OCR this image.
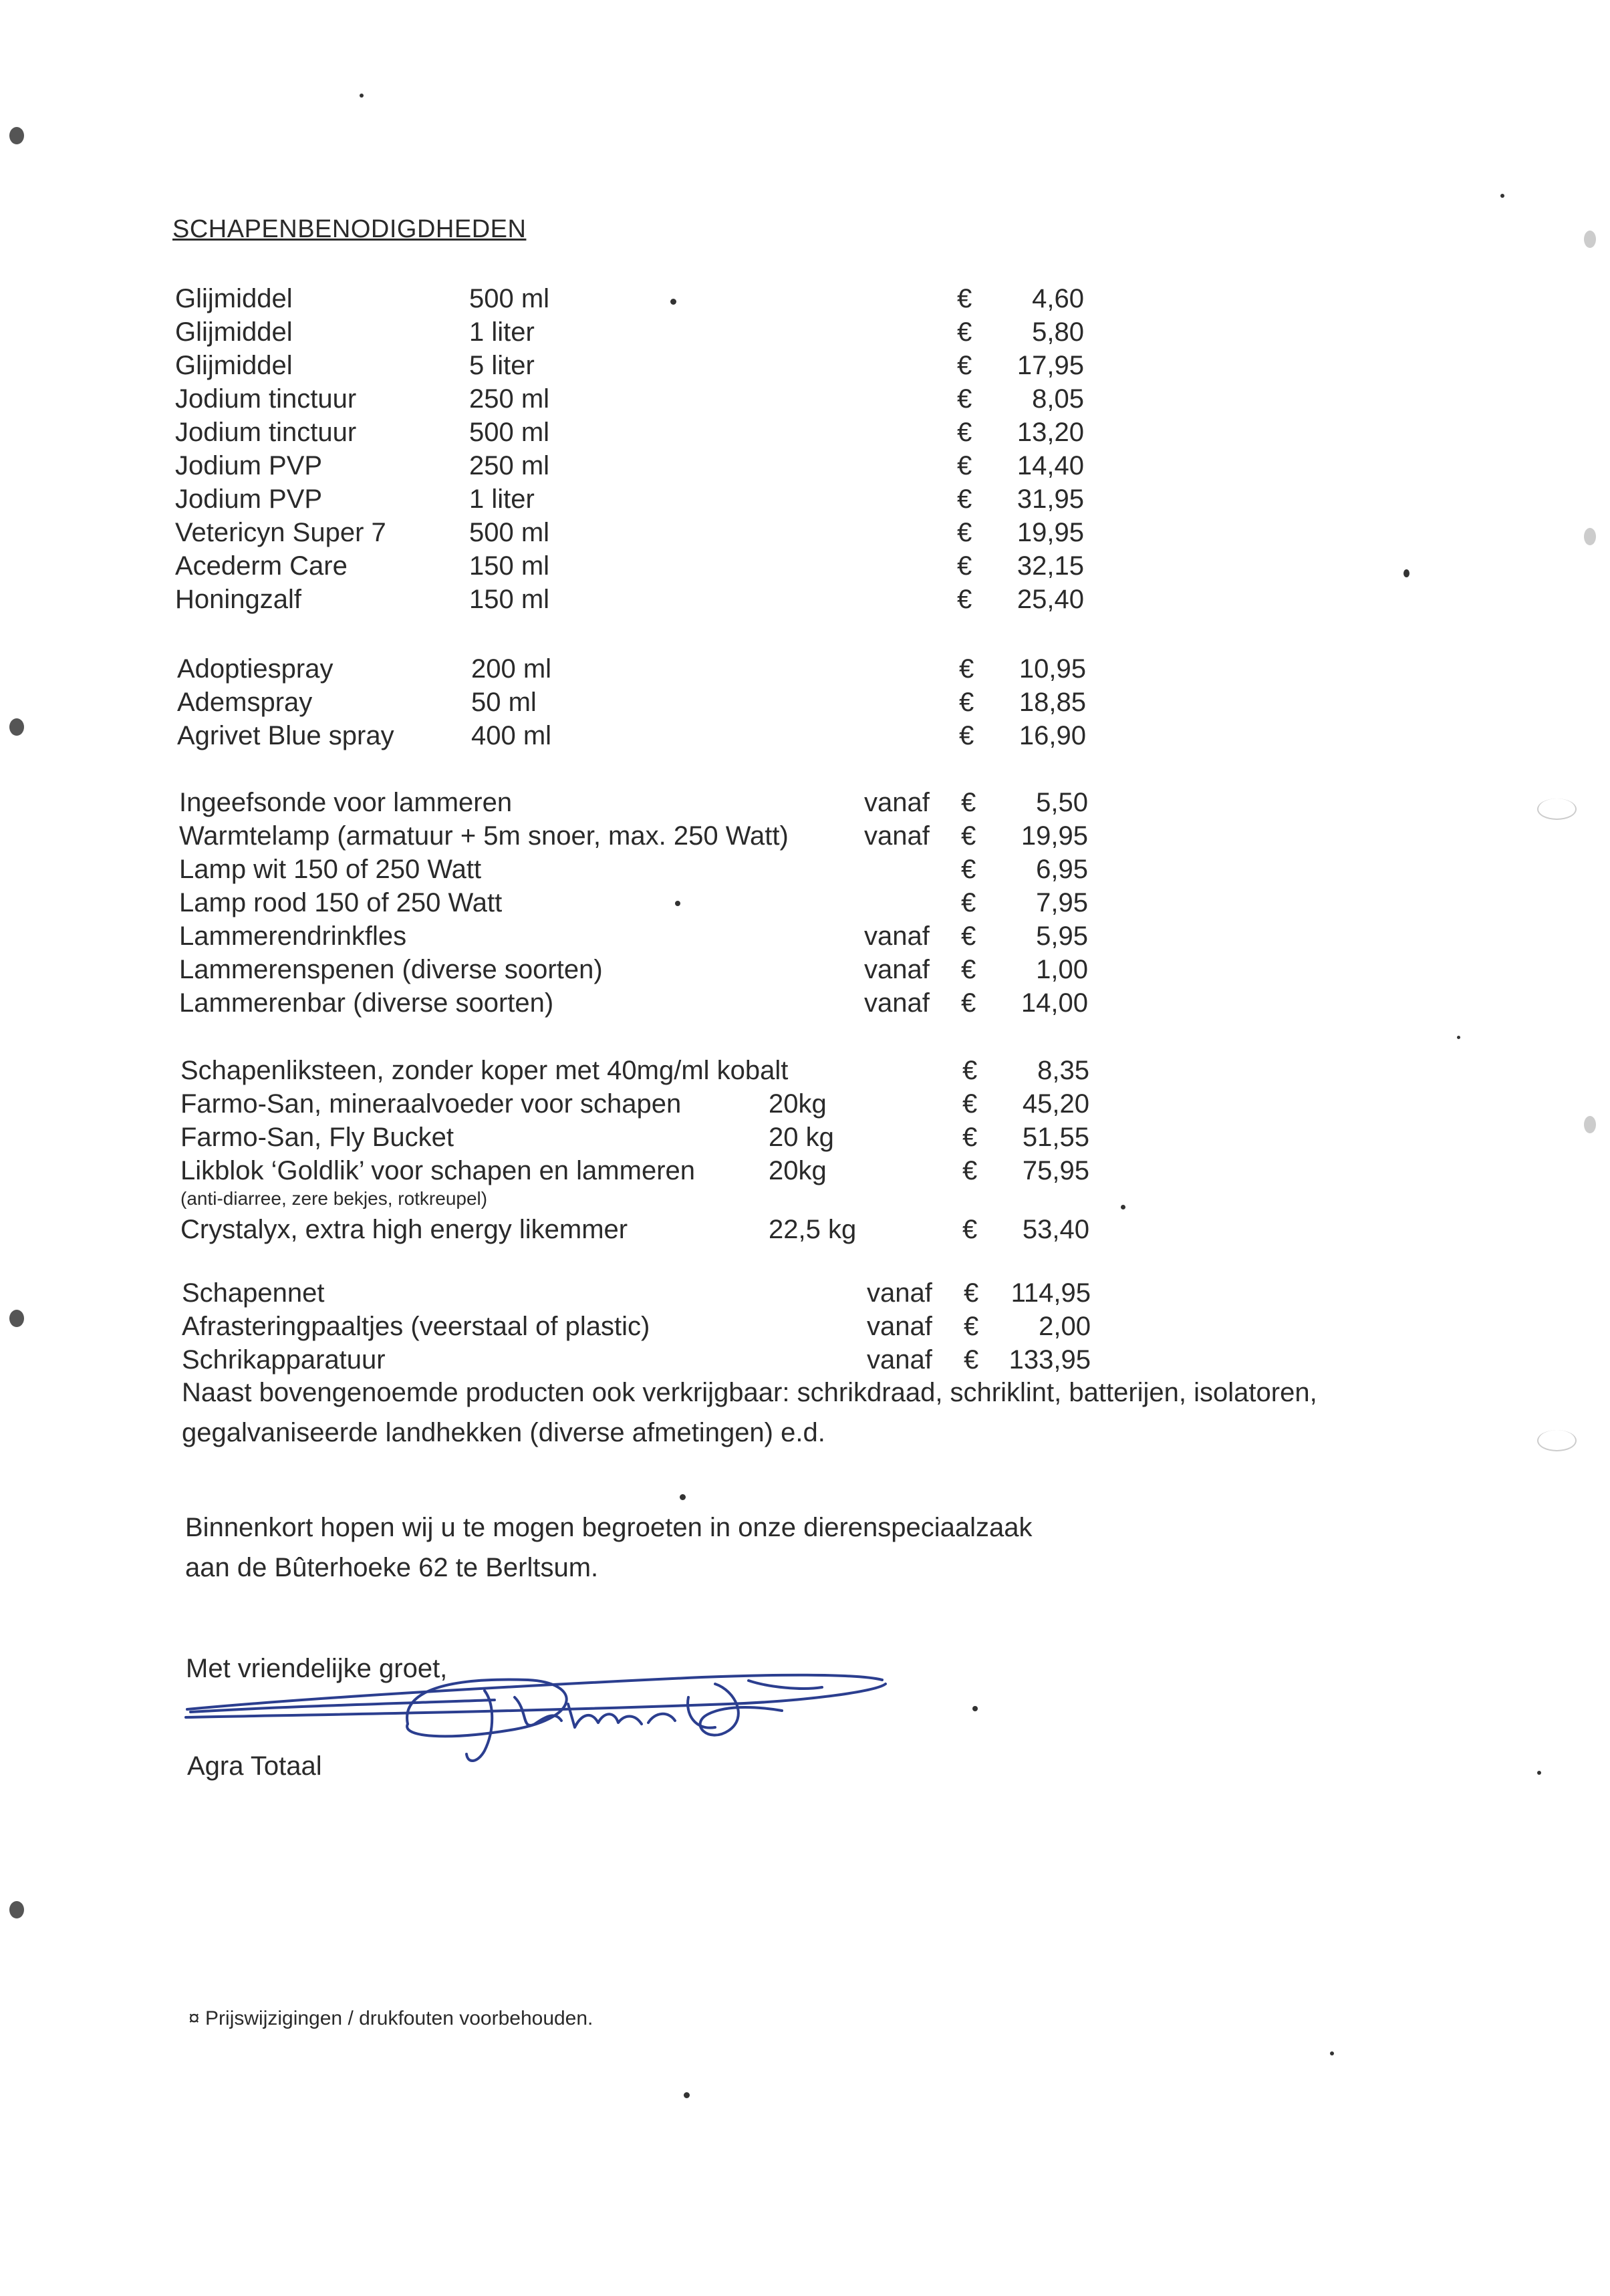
SCHAPENBENODIGDHEDEN
Glijmiddel	500 ml	€ 4,60
Glijmiddel	1 liter	€ 5,80
Glijmiddel	5 liter	€ 17,95
Jodium tinctuur	250 ml	€ 8,05
Jodium tinctuur	500 ml	€ 13,20
Jodium PVP	250 ml	€ 14,40
Jodium PVP	1 liter	€ 31,95
Vetericyn Super 7	500 ml	€ 19,95
Acederm Care	150 ml	€ 32,15
Honingzalf	150 ml	€ 25,40
Adoptiespray	200 ml	€ 10,95
Ademspray	50 ml	€ 18,85
Agrivet Blue spray	400 ml	€ 16,90
Ingeefsonde voor lammeren	vanaf € 5,50
Warmtelamp (armatuur + 5m snoer, max. 250 Watt)	vanaf € 19,95
Lamp wit 150 of 250 Watt	€ 6,95
Lamp rood 150 of 250 Watt	€ 7,95
Lammerendrinkfles	vanaf € 5,95
Lammerenspenen (diverse soorten)	vanaf € 1,00
Lammerenbar (diverse soorten)	vanaf € 14,00
Schapenliksteen, zonder koper met 40mg/ml kobalt	€ 8,35
Farmo-San, mineraalvoeder voor schapen	20kg	€ 45,20
Farmo-San, Fly Bucket	20 kg	€ 51,55
Likblok ‘Goldlik’ voor schapen en lammeren	20kg	€ 75,95
(anti-diarree, zere bekjes, rotkreupel)
Crystalyx, extra high energy likemmer	22,5 kg	€ 53,40
Schapennet	vanaf € 114,95
Afrasteringpaaltjes (veerstaal of plastic)	vanaf € 2,00
Schrikapparatuur	vanaf € 133,95
Naast bovengenoemde producten ook verkrijgbaar: schrikdraad, schriklint, batterijen, isolatoren,
gegalvaniseerde landhekken (diverse afmetingen) e.d.
Binnenkort hopen wij u te mogen begroeten in onze dierenspeciaalzaak
aan de Bûterhoeke 62 te Berltsum.
Met vriendelijke groet,
Agra Totaal
¤ Prijswijzigingen / drukfouten voorbehouden.
